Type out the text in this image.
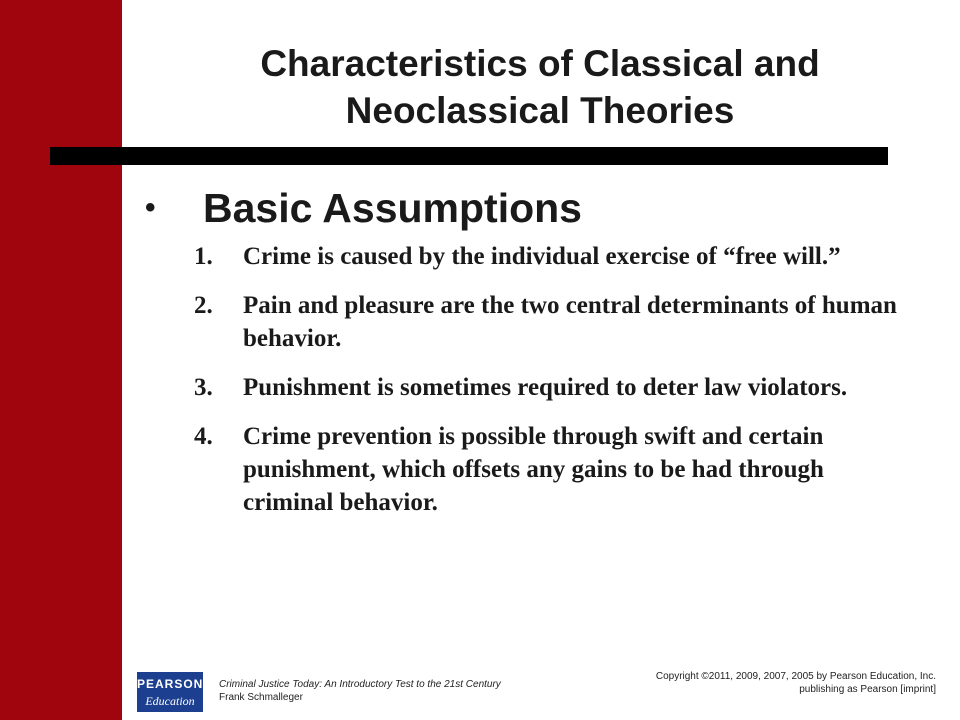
Characteristics of Classical and
Neoclassical Theories
•	Basic Assumptions
1.	Crime is caused by the individual exercise of “free will.”
2.	Pain and pleasure are the two central determinants of human behavior.
3.	Punishment is sometimes required to deter law violators.
4.	Crime prevention is possible through swift and certain punishment, which offsets any gains to be had through criminal behavior.
PEARSON
Education
Criminal Justice Today: An Introductory Test to the 21st Century
Frank Schmalleger
Copyright ©2011, 2009, 2007, 2005 by Pearson Education, Inc.
publishing as Pearson [imprint]
